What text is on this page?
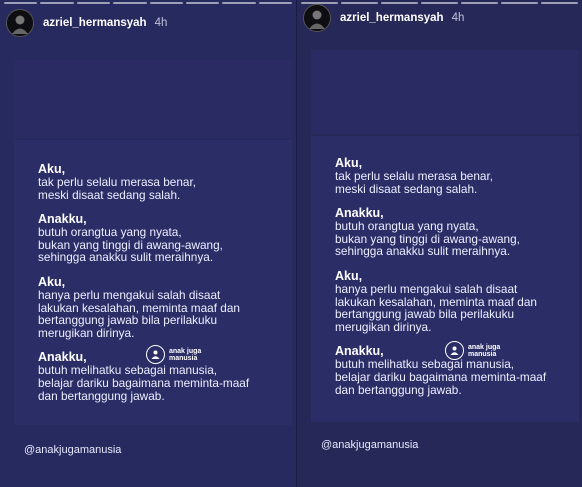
azriel_hermansyah 4h
Aku,
tak perlu selalu merasa benar,
meski disaat sedang salah.
Anakku,
butuh orangtua yang nyata,
bukan yang tinggi di awang-awang,
sehingga anakku sulit meraihnya.
Aku,
hanya perlu mengakui salah disaat
lakukan kesalahan, meminta maaf dan
bertanggung jawab bila perilakuku
merugikan dirinya.
Anakku,
butuh melihatku sebagai manusia,
belajar dariku bagaimana meminta-maaf
dan bertanggung jawab.
anak juga
manusia
@anakjugamanusia
azriel_hermansyah 4h
Aku,
tak perlu selalu merasa benar,
meski disaat sedang salah.
Anakku,
butuh orangtua yang nyata,
bukan yang tinggi di awang-awang,
sehingga anakku sulit meraihnya.
Aku,
hanya perlu mengakui salah disaat
lakukan kesalahan, meminta maaf dan
bertanggung jawab bila perilakuku
merugikan dirinya.
Anakku,
butuh melihatku sebagai manusia,
belajar dariku bagaimana meminta-maaf
dan bertanggung jawab.
anak juga
manusia
@anakjugamanusia
